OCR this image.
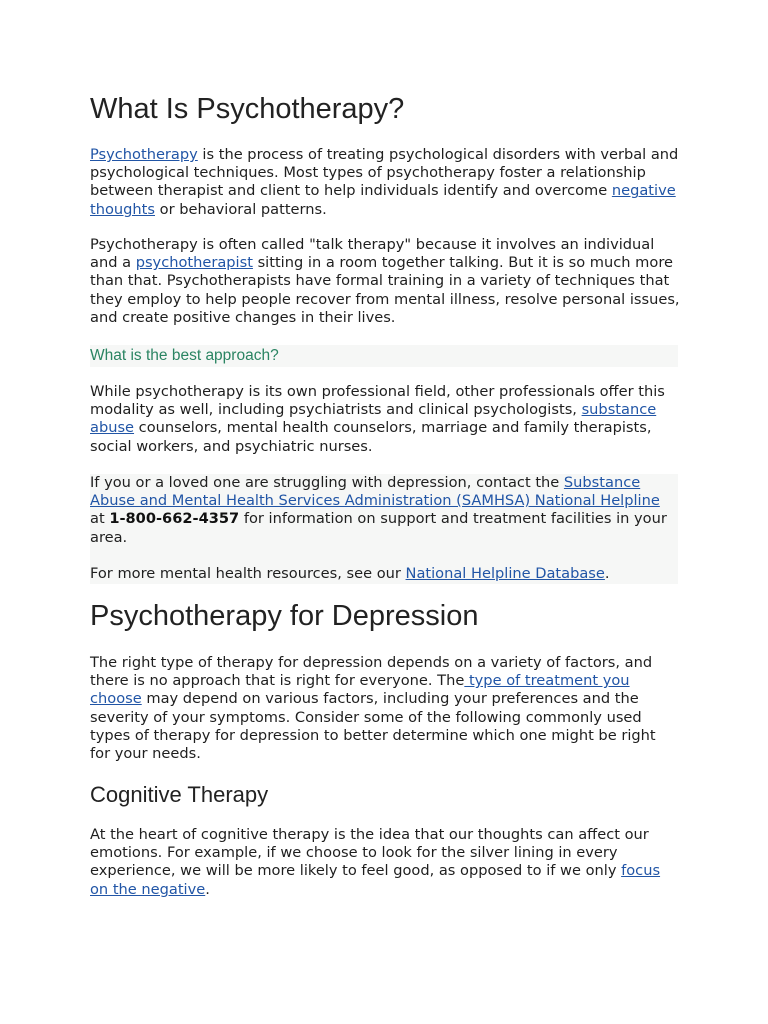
What Is Psychotherapy?

Psychotherapy is the process of treating psychological disorders with verbal and psychological techniques. Most types of psychotherapy foster a relationship between therapist and client to help individuals identify and overcome negative thoughts or behavioral patterns.

Psychotherapy is often called "talk therapy" because it involves an individual and a psychotherapist sitting in a room together talking. But it is so much more than that. Psychotherapists have formal training in a variety of techniques that they employ to help people recover from mental illness, resolve personal issues, and create positive changes in their lives.

What is the best approach?

While psychotherapy is its own professional field, other professionals offer this modality as well, including psychiatrists and clinical psychologists, substance abuse counselors, mental health counselors, marriage and family therapists, social workers, and psychiatric nurses.

If you or a loved one are struggling with depression, contact the Substance Abuse and Mental Health Services Administration (SAMHSA) National Helpline at 1-800-662-4357 for information on support and treatment facilities in your area.

For more mental health resources, see our National Helpline Database.

Psychotherapy for Depression

The right type of therapy for depression depends on a variety of factors, and there is no approach that is right for everyone. The type of treatment you choose may depend on various factors, including your preferences and the severity of your symptoms. Consider some of the following commonly used types of therapy for depression to better determine which one might be right for your needs.

Cognitive Therapy

At the heart of cognitive therapy is the idea that our thoughts can affect our emotions. For example, if we choose to look for the silver lining in every experience, we will be more likely to feel good, as opposed to if we only focus on the negative.
